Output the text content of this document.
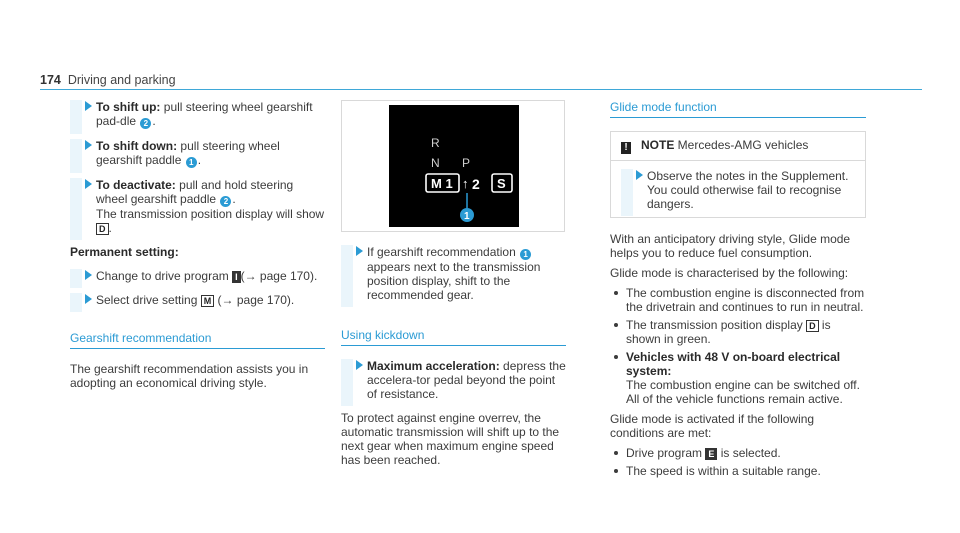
174 Driving and parking
To shift up: pull steering wheel gearshift pad-dle 2 .
To shift down: pull steering wheel gearshift paddle 1 .
To deactivate: pull and hold steering wheel gearshift paddle 2 .
The transmission position display will show
D .
Permanent setting:
Change to drive program I (→ page 170).
Select drive setting M (→ page 170).
Gearshift recommendation

The gearshift recommendation assists you in adopting an economical driving style.

R
N P
M 1 ↑ 2 S
1
If gearshift recommendation 1 appears next to the transmission position display, shift to the recommended gear.
Using kickdown
Maximum acceleration: depress the accelera-tor pedal beyond the point of resistance.

To protect against engine overrev, the automatic transmission will shift up to the next gear when maximum engine speed has been reached.

Glide mode function
! NOTE Mercedes-AMG vehicles
Observe the notes in the Supplement. You could otherwise fail to recognise dangers.

With an anticipatory driving style, Glide mode helps you to reduce fuel consumption.

Glide mode is characterised by the following:

The combustion engine is disconnected from the drivetrain and continues to run in neutral.
The transmission position display D is shown in green.
Vehicles with 48 V on-board electrical system:
The combustion engine can be switched off. All of the vehicle functions remain active.

Glide mode is activated if the following conditions are met:

Drive program E is selected.
The speed is within a suitable range.
